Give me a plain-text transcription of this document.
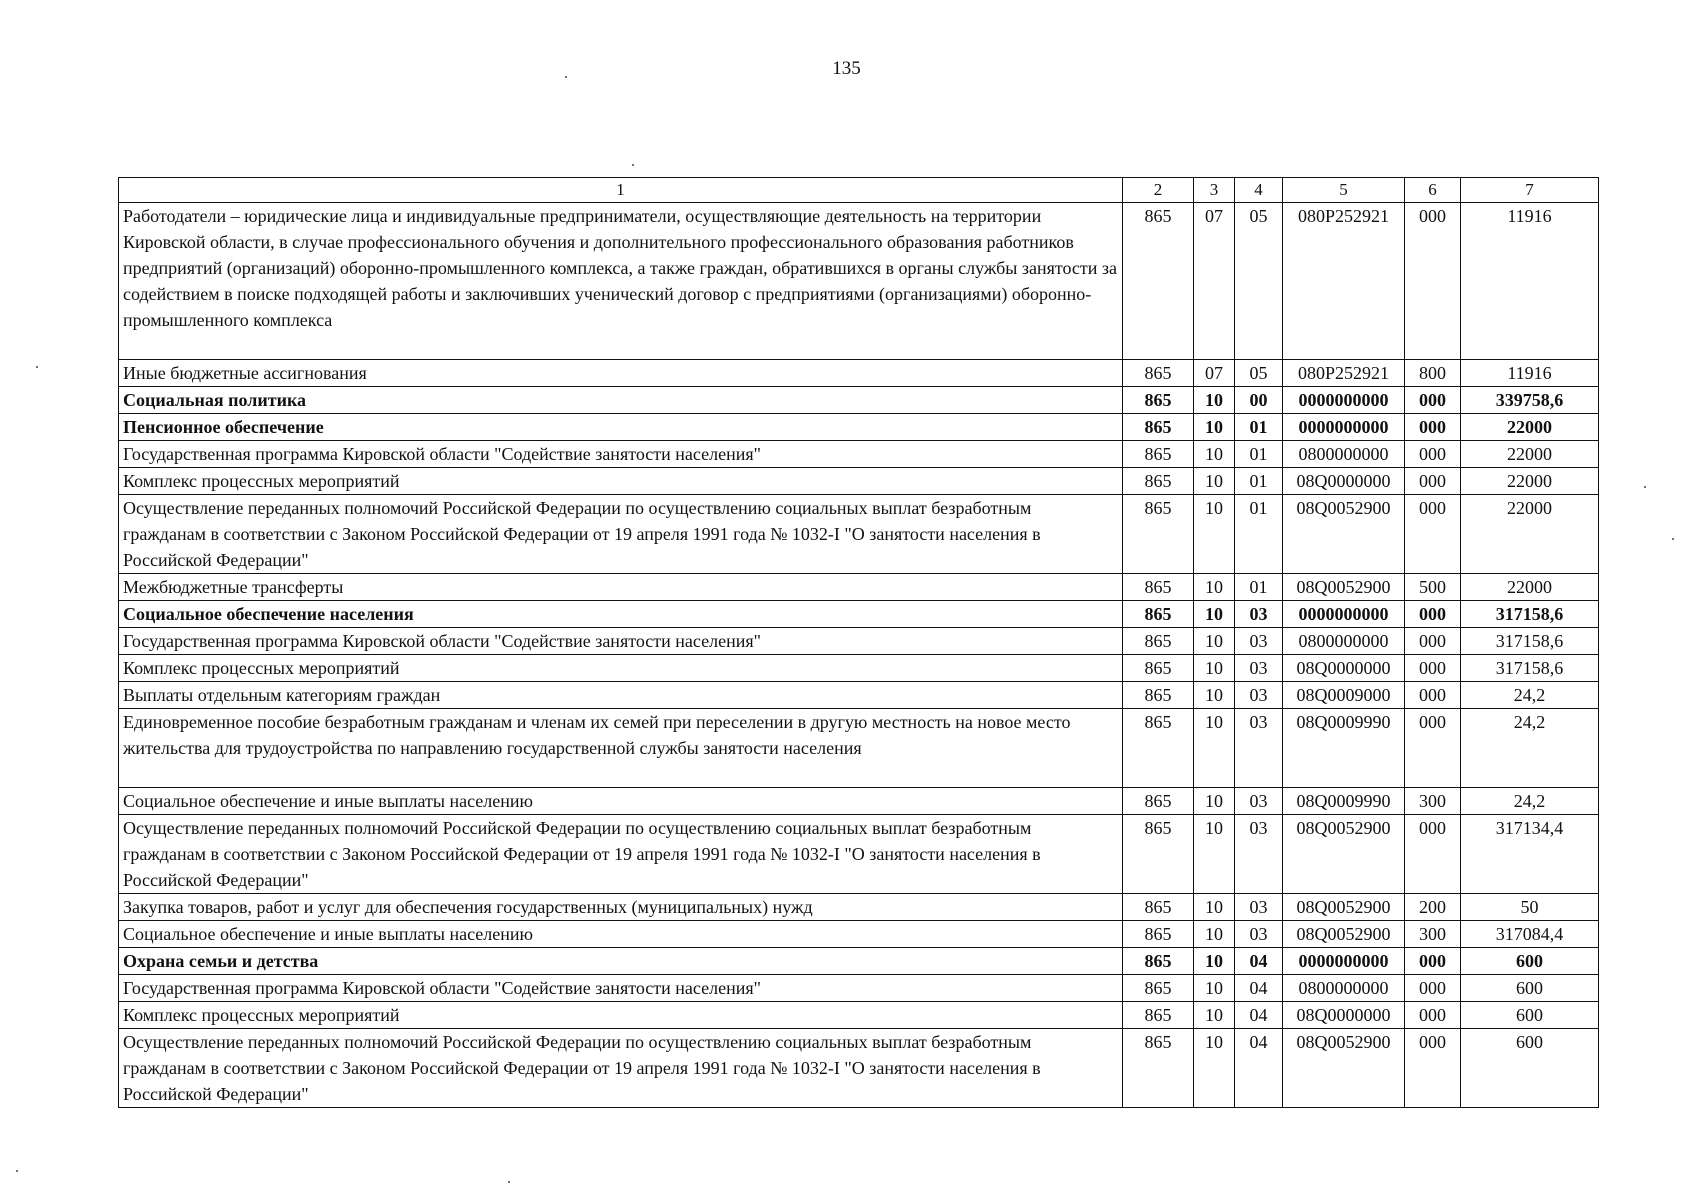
135
1	2	3	4	5	6	7
Работодатели – юридические лица и индивидуальные предприниматели, осуществляющие деятельность на территории Кировской области, в случае профессионального обучения и дополнительного профессионального образования работников предприятий (организаций) оборонно-промышленного комплекса, а также граждан, обратившихся в органы службы занятости за содействием в поиске подходящей работы и заключивших ученический договор с предприятиями (организациями) оборонно-промышленного комплекса	865	07	05	080P252921	000	11916
Иные бюджетные ассигнования	865	07	05	080P252921	800	11916
Социальная политика	865	10	00	0000000000	000	339758,6
Пенсионное обеспечение	865	10	01	0000000000	000	22000
Государственная программа Кировской области "Содействие занятости населения"	865	10	01	0800000000	000	22000
Комплекс процессных мероприятий	865	10	01	08Q0000000	000	22000
Осуществление переданных полномочий Российской Федерации по осуществлению социальных выплат безработным гражданам в соответствии с Законом Российской Федерации от 19 апреля 1991 года № 1032-I "О занятости населения в Российской Федерации"	865	10	01	08Q0052900	000	22000
Межбюджетные трансферты	865	10	01	08Q0052900	500	22000
Социальное обеспечение населения	865	10	03	0000000000	000	317158,6
Государственная программа Кировской области "Содействие занятости населения"	865	10	03	0800000000	000	317158,6
Комплекс процессных мероприятий	865	10	03	08Q0000000	000	317158,6
Выплаты отдельным категориям граждан	865	10	03	08Q0009000	000	24,2
Единовременное пособие безработным гражданам и членам их семей при переселении в другую местность на новое место жительства для трудоустройства по направлению государственной службы занятости населения	865	10	03	08Q0009990	000	24,2
Социальное обеспечение и иные выплаты населению	865	10	03	08Q0009990	300	24,2
Осуществление переданных полномочий Российской Федерации по осуществлению социальных выплат безработным гражданам в соответствии с Законом Российской Федерации от 19 апреля 1991 года № 1032-I "О занятости населения в Российской Федерации"	865	10	03	08Q0052900	000	317134,4
Закупка товаров, работ и услуг для обеспечения государственных (муниципальных) нужд	865	10	03	08Q0052900	200	50
Социальное обеспечение и иные выплаты населению	865	10	03	08Q0052900	300	317084,4
Охрана семьи и детства	865	10	04	0000000000	000	600
Государственная программа Кировской области "Содействие занятости населения"	865	10	04	0800000000	000	600
Комплекс процессных мероприятий	865	10	04	08Q0000000	000	600
Осуществление переданных полномочий Российской Федерации по осуществлению социальных выплат безработным гражданам в соответствии с Законом Российской Федерации от 19 апреля 1991 года № 1032-I "О занятости населения в Российской Федерации"	865	10	04	08Q0052900	000	600
